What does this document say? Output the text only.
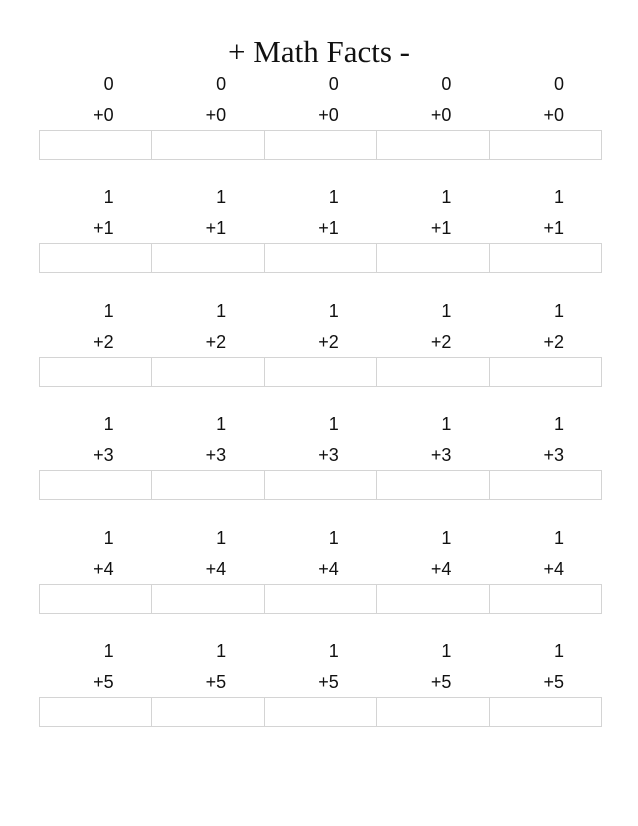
+ Math Facts -
0
+0
0
+0
0
+0
0
+0
0
+0
1
+1
1
+1
1
+1
1
+1
1
+1
1
+2
1
+2
1
+2
1
+2
1
+2
1
+3
1
+3
1
+3
1
+3
1
+3
1
+4
1
+4
1
+4
1
+4
1
+4
1
+5
1
+5
1
+5
1
+5
1
+5
